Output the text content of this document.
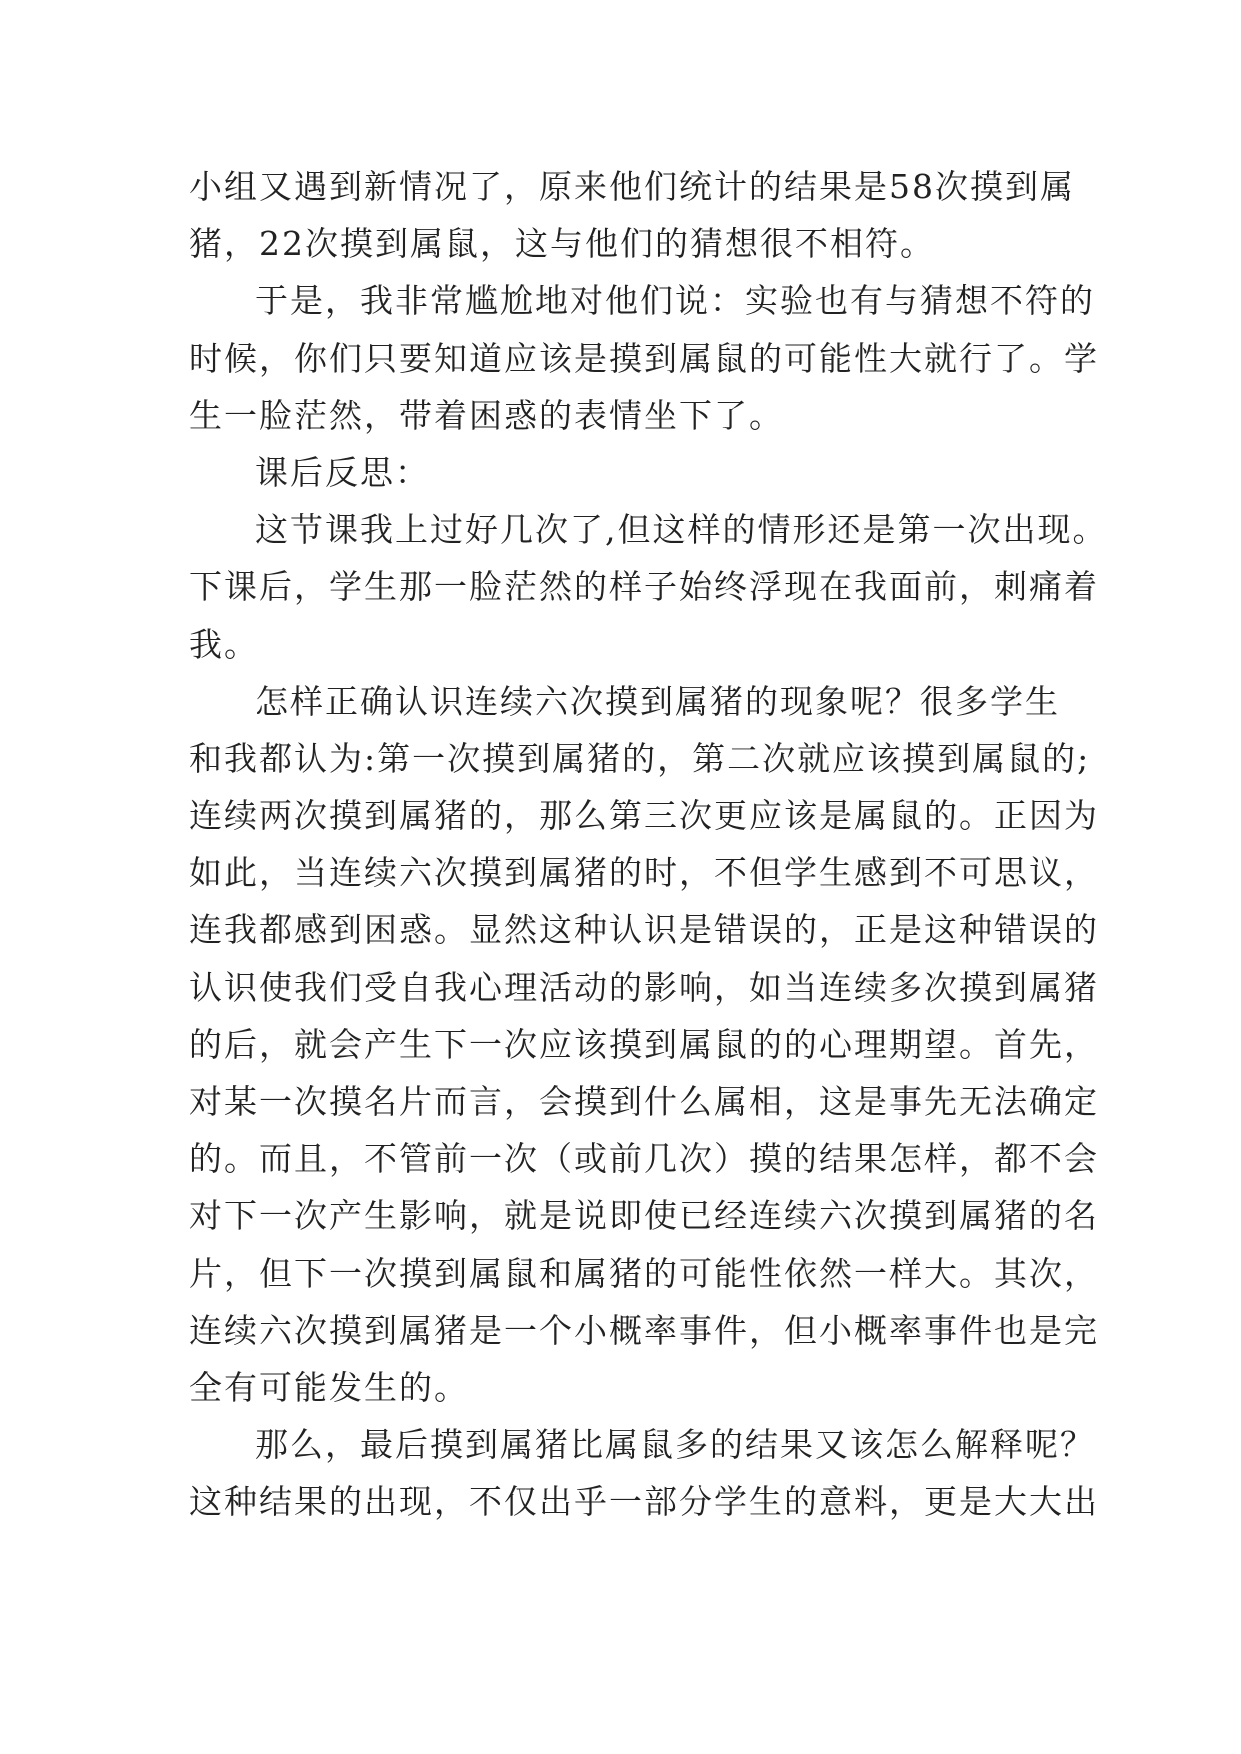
小组又遇到新情况了，原来他们统计的结果是58次摸到属
猪，22次摸到属鼠，这与他们的猜想很不相符。
于是，我非常尴尬地对他们说：实验也有与猜想不符的
时候，你们只要知道应该是摸到属鼠的可能性大就行了。学
生一脸茫然，带着困惑的表情坐下了。
课后反思：
这节课我上过好几次了,但这样的情形还是第一次出现。
下课后，学生那一脸茫然的样子始终浮现在我面前，刺痛着
我。
怎样正确认识连续六次摸到属猪的现象呢？很多学生
和我都认为:第一次摸到属猪的，第二次就应该摸到属鼠的;
连续两次摸到属猪的，那么第三次更应该是属鼠的。正因为
如此，当连续六次摸到属猪的时，不但学生感到不可思议，
连我都感到困惑。显然这种认识是错误的，正是这种错误的
认识使我们受自我心理活动的影响，如当连续多次摸到属猪
的后，就会产生下一次应该摸到属鼠的的心理期望。首先，
对某一次摸名片而言，会摸到什么属相，这是事先无法确定
的。而且，不管前一次（或前几次）摸的结果怎样，都不会
对下一次产生影响，就是说即使已经连续六次摸到属猪的名
片，但下一次摸到属鼠和属猪的可能性依然一样大。其次，
连续六次摸到属猪是一个小概率事件，但小概率事件也是完
全有可能发生的。
那么，最后摸到属猪比属鼠多的结果又该怎么解释呢？
这种结果的出现，不仅出乎一部分学生的意料，更是大大出
